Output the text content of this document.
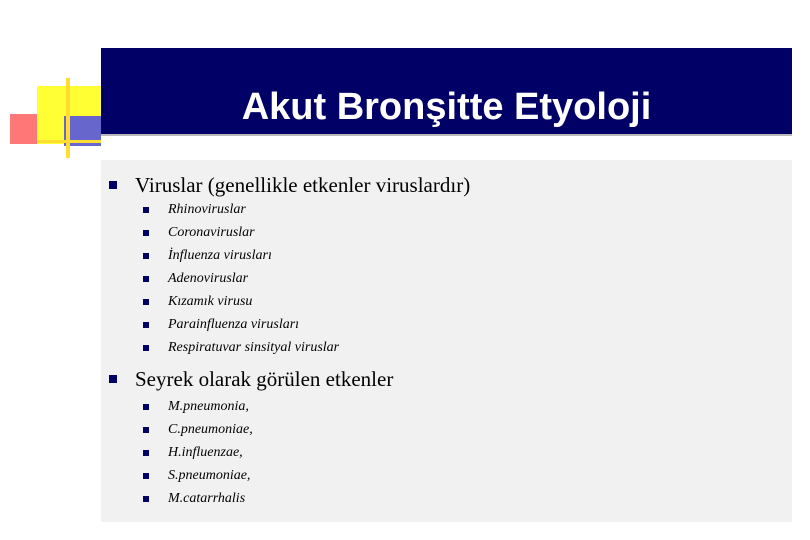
Akut Bronşitte Etyoloji
Viruslar (genellikle etkenler viruslardır)
Rhinoviruslar
Coronaviruslar
İnfluenza virusları
Adenoviruslar
Kızamık virusu
Parainfluenza virusları
Respiratuvar sinsityal viruslar
Seyrek olarak görülen etkenler
M.pneumonia,
C.pneumoniae,
H.influenzae,
S.pneumoniae,
M.catarrhalis
